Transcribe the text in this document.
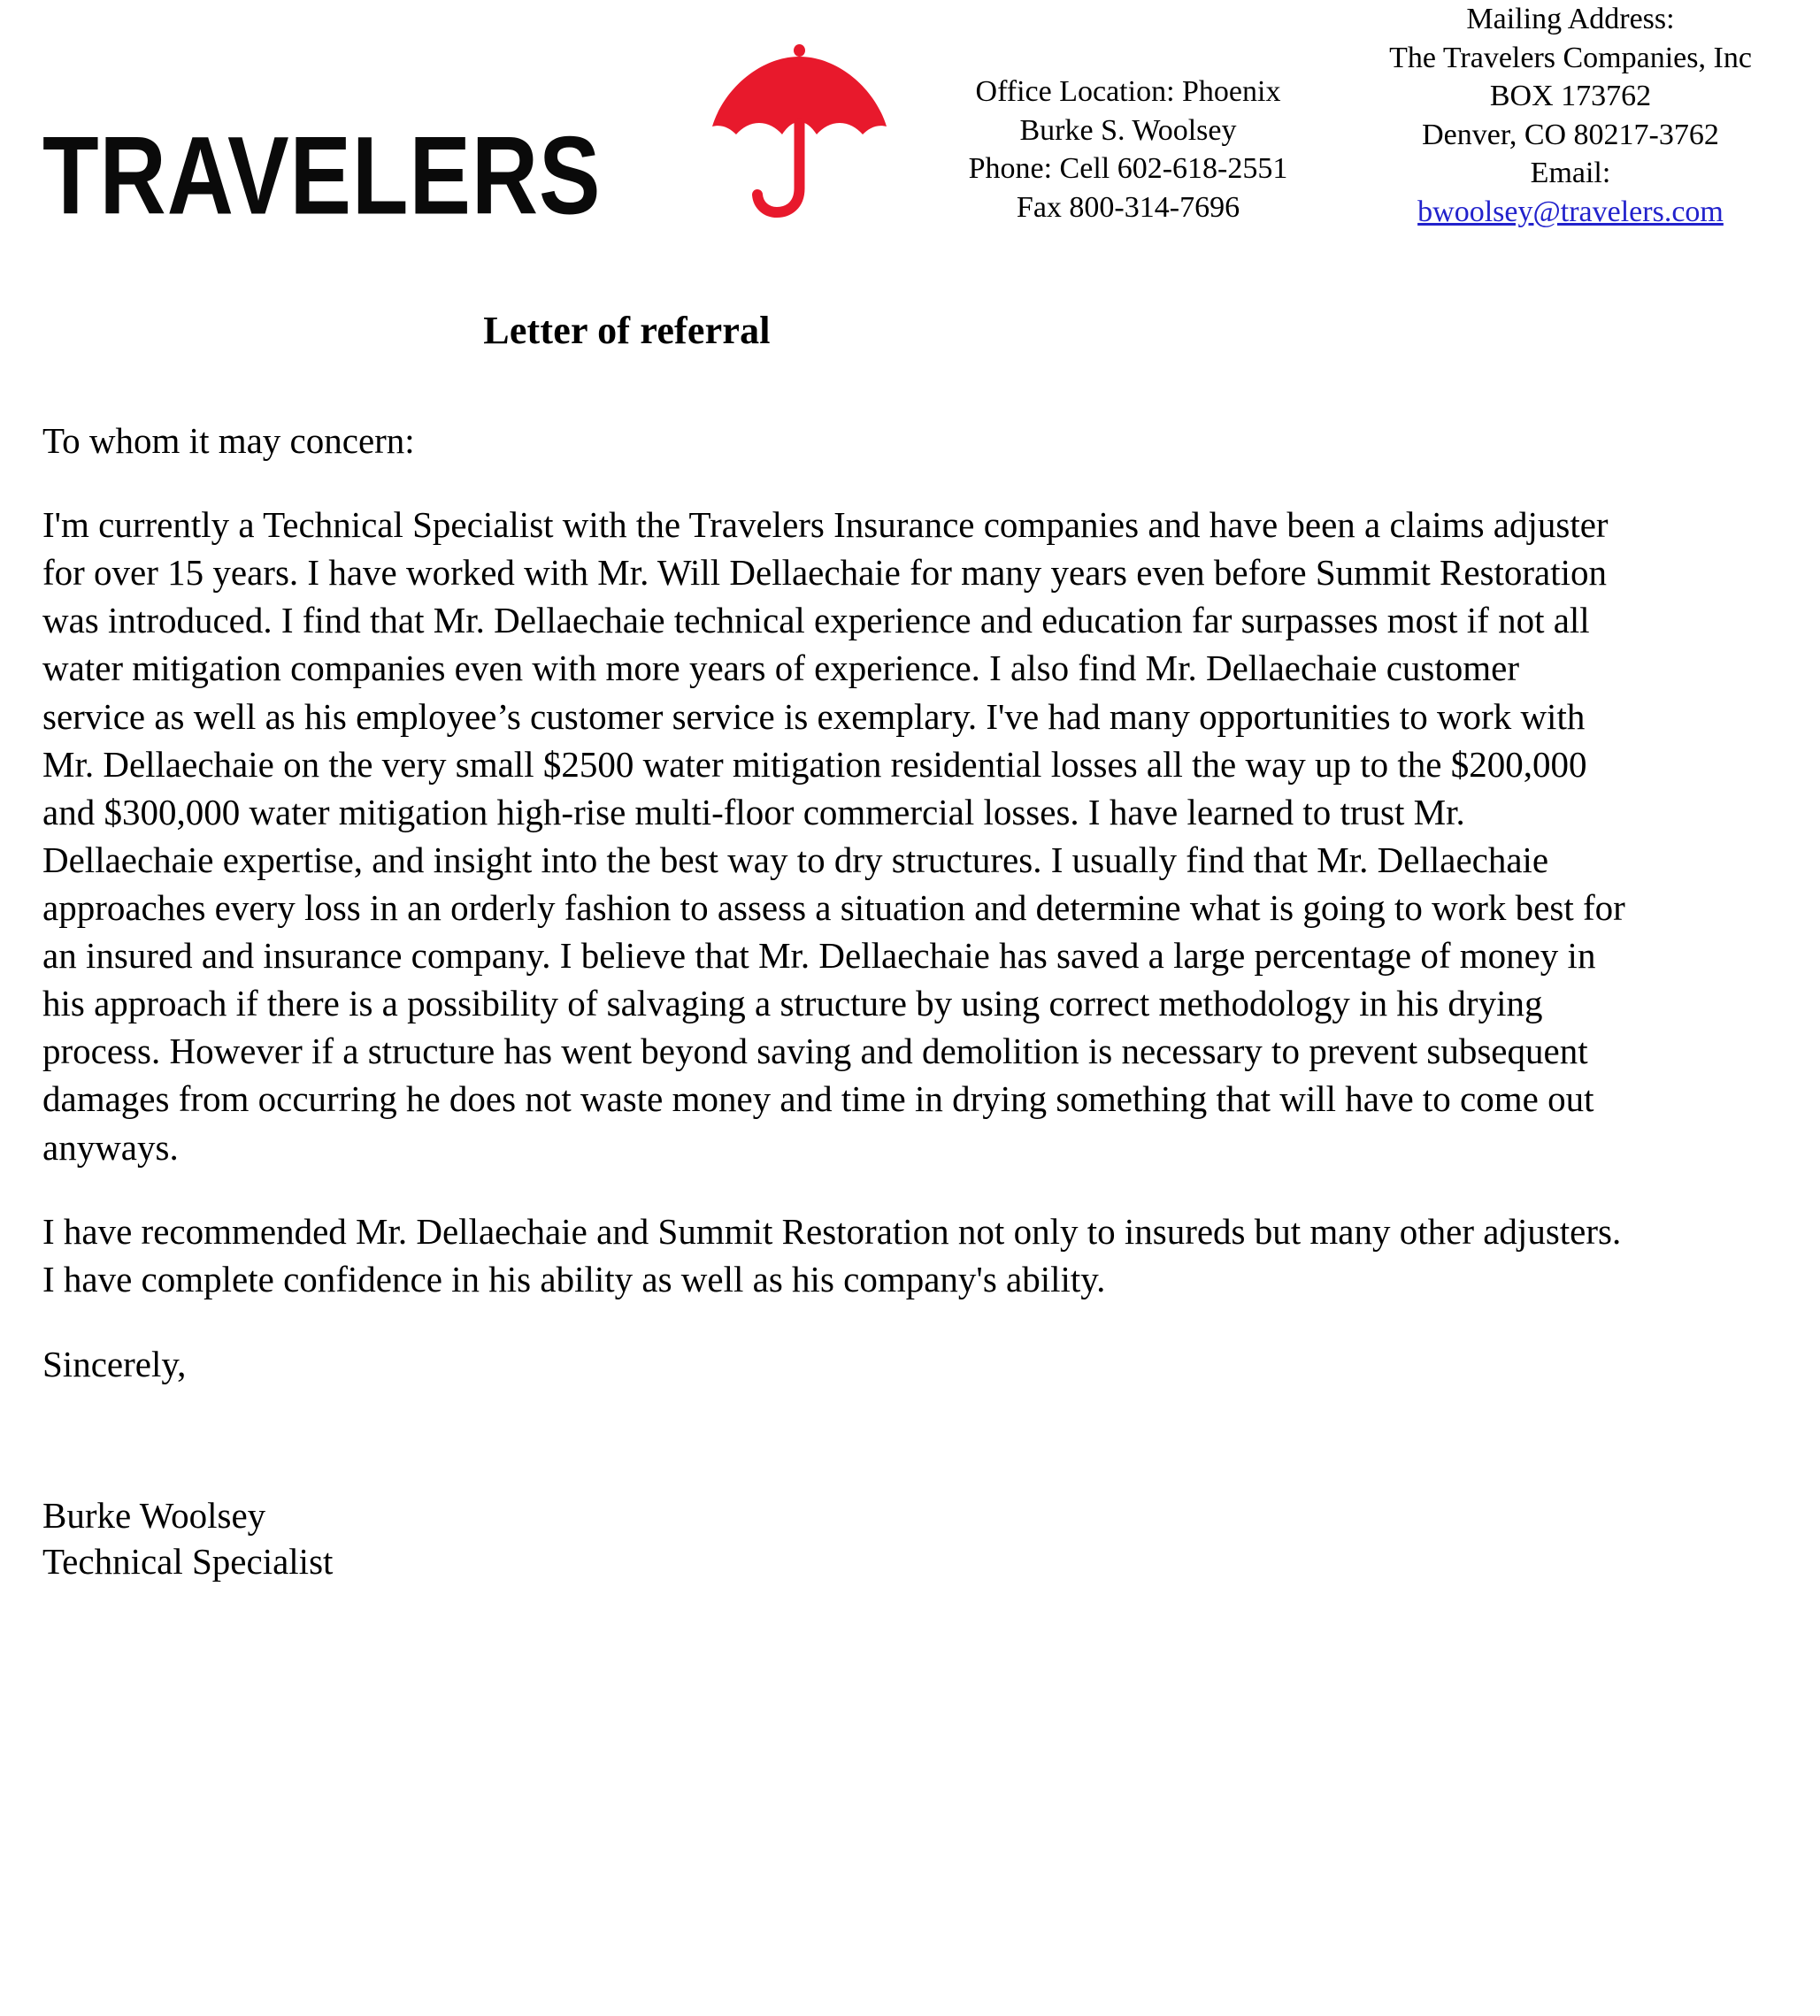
TRAVELERS
Office Location: Phoenix
Burke S. Woolsey
Phone: Cell 602-618-2551
Fax 800-314-7696
Mailing Address:
The Travelers Companies, Inc
BOX 173762
Denver, CO 80217-3762
Email:
bwoolsey@travelers.com
Letter of referral
To whom it may concern:

I'm currently a Technical Specialist with the Travelers Insurance companies and have been a claims adjuster for over 15 years. I have worked with Mr. Will Dellaechaie for many years even before Summit Restoration was introduced. I find that Mr. Dellaechaie technical experience and education far surpasses most if not all water mitigation companies even with more years of experience. I also find Mr. Dellaechaie customer service as well as his employee’s customer service is exemplary. I've had many opportunities to work with Mr. Dellaechaie on the very small $2500 water mitigation residential losses all the way up to the $200,000 and $300,000 water mitigation high-rise multi-floor commercial losses. I have learned to trust Mr. Dellaechaie expertise, and insight into the best way to dry structures. I usually find that Mr. Dellaechaie approaches every loss in an orderly fashion to assess a situation and determine what is going to work best for an insured and insurance company. I believe that Mr. Dellaechaie has saved a large percentage of money in his approach if there is a possibility of salvaging a structure by using correct methodology in his drying process. However if a structure has went beyond saving and demolition is necessary to prevent subsequent damages from occurring he does not waste money and time in drying something that will have to come out anyways.

I have recommended Mr. Dellaechaie and Summit Restoration not only to insureds but many other adjusters. I have complete confidence in his ability as well as his company's ability.

Sincerely,
Burke Woolsey
Technical Specialist
